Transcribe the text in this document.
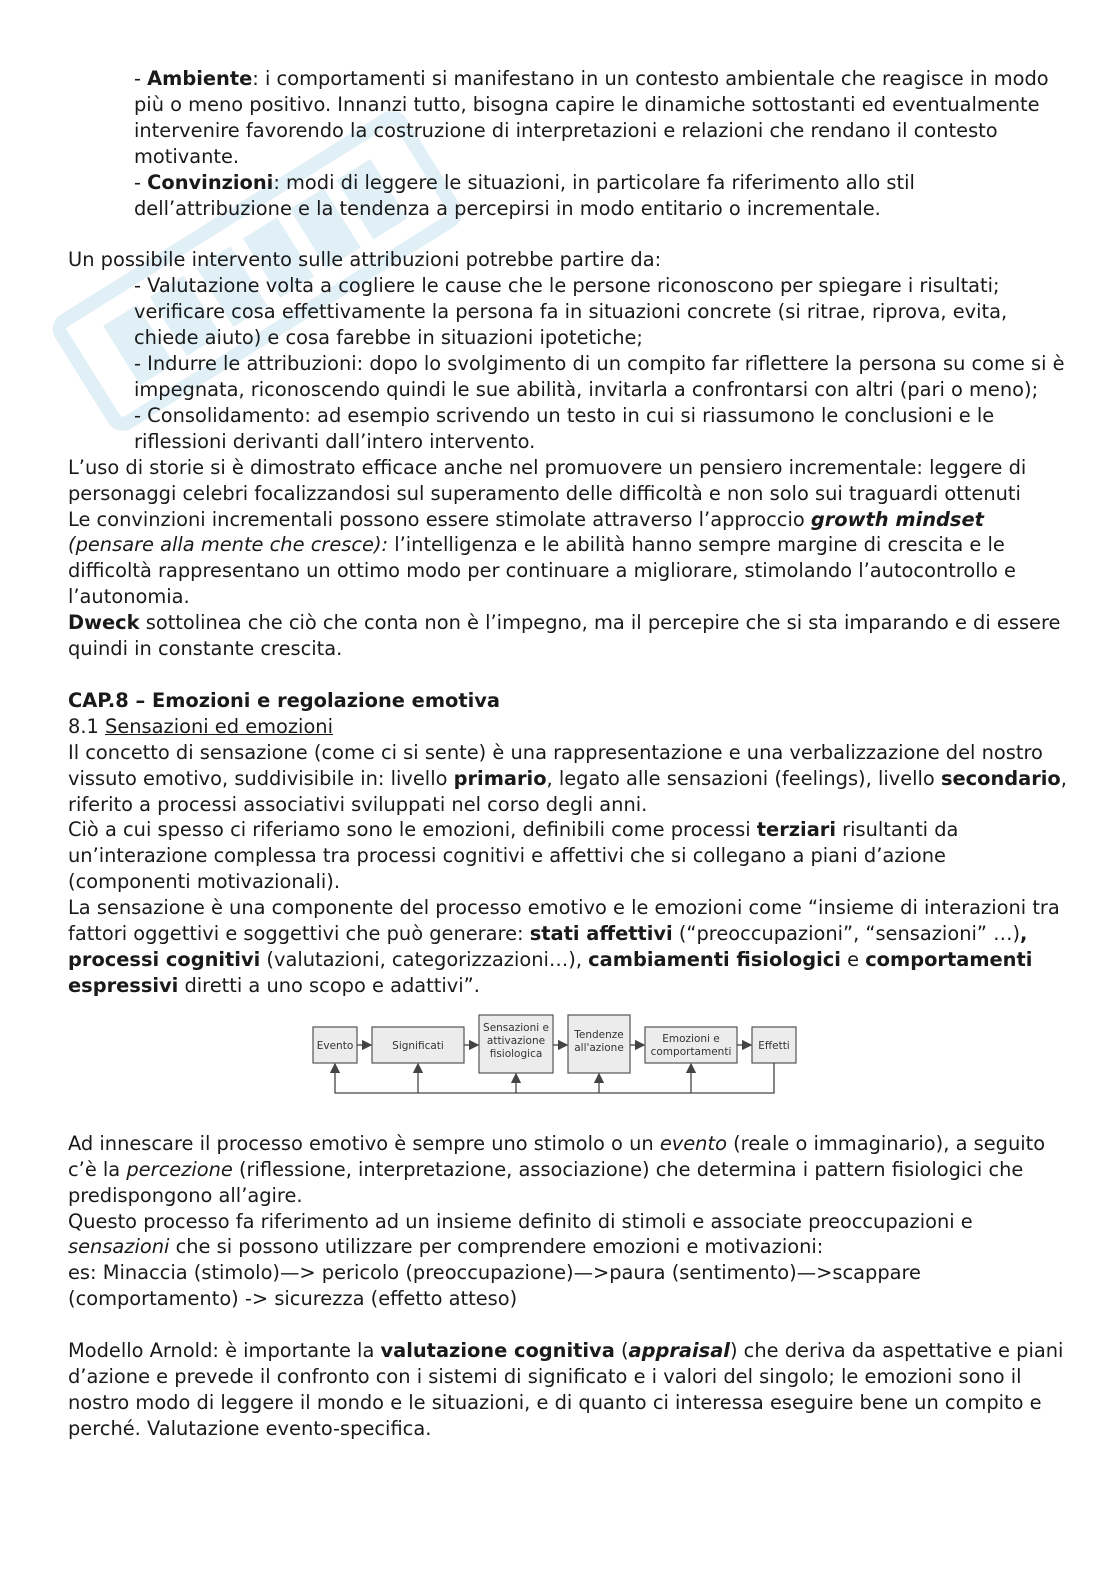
- Ambiente: i comportamenti si manifestano in un contesto ambientale che reagisce in modo più o meno positivo. Innanzi tutto, bisogna capire le dinamiche sottostanti ed eventualmente intervenire favorendo la costruzione di interpretazioni e relazioni che rendano il contesto motivante.

- Convinzioni: modi di leggere le situazioni, in particolare fa riferimento allo stil dell’attribuzione e la tendenza a percepirsi in modo entitario o incrementale.

Un possibile intervento sulle attribuzioni potrebbe partire da:

- Valutazione volta a cogliere le cause che le persone riconoscono per spiegare i risultati; verificare cosa effettivamente la persona fa in situazioni concrete (si ritrae, riprova, evita, chiede aiuto) e cosa farebbe in situazioni ipotetiche;

- Indurre le attribuzioni: dopo lo svolgimento di un compito far riflettere la persona su come si è impegnata, riconoscendo quindi le sue abilità, invitarla a confrontarsi con altri (pari o meno);

- Consolidamento: ad esempio scrivendo un testo in cui si riassumono le conclusioni e le riflessioni derivanti dall’intero intervento.

L’uso di storie si è dimostrato efficace anche nel promuovere un pensiero incrementale: leggere di personaggi celebri focalizzandosi sul superamento delle difficoltà e non solo sui traguardi ottenuti

Le convinzioni incrementali possono essere stimolate attraverso l’approccio growth mindset (pensare alla mente che cresce): l’intelligenza e le abilità hanno sempre margine di crescita e le difficoltà rappresentano un ottimo modo per continuare a migliorare, stimolando l’autocontrollo e l’autonomia.

Dweck sottolinea che ciò che conta non è l’impegno, ma il percepire che si sta imparando e di essere quindi in constante crescita.

CAP.8 – Emozioni e regolazione emotiva

8.1 Sensazioni ed emozioni

Il concetto di sensazione (come ci si sente) è una rappresentazione e una verbalizzazione del nostro vissuto emotivo, suddivisibile in: livello primario, legato alle sensazioni (feelings), livello secondario, riferito a processi associativi sviluppati nel corso degli anni.

Ciò a cui spesso ci riferiamo sono le emozioni, definibili come processi terziari risultanti da un’interazione complessa tra processi cognitivi e affettivi che si collegano a piani d’azione (componenti motivazionali).

La sensazione è una componente del processo emotivo e le emozioni come “insieme di interazioni tra fattori oggettivi e soggettivi che può generare: stati affettivi (“preoccupazioni”, “sensazioni” …), processi cognitivi (valutazioni, categorizzazioni…), cambiamenti fisiologici e comportamenti espressivi diretti a uno scopo e adattivi”.

Evento	Significati
Sensazioni e
attivazione
fisiologica
Tendenze
all'azione
Emozioni e
comportamenti	Effetti

Ad innescare il processo emotivo è sempre uno stimolo o un evento (reale o immaginario), a seguito c’è la percezione (riflessione, interpretazione, associazione) che determina i pattern fisiologici che predispongono all’agire.

Questo processo fa riferimento ad un insieme definito di stimoli e associate preoccupazioni e sensazioni che si possono utilizzare per comprendere emozioni e motivazioni:

es: Minaccia (stimolo)—> pericolo (preoccupazione)—>paura (sentimento)—>scappare (comportamento) -> sicurezza (effetto atteso)

Modello Arnold: è importante la valutazione cognitiva (appraisal) che deriva da aspettative e piani d’azione e prevede il confronto con i sistemi di significato e i valori del singolo; le emozioni sono il nostro modo di leggere il mondo e le situazioni, e di quanto ci interessa eseguire bene un compito e perché. Valutazione evento-specifica.
